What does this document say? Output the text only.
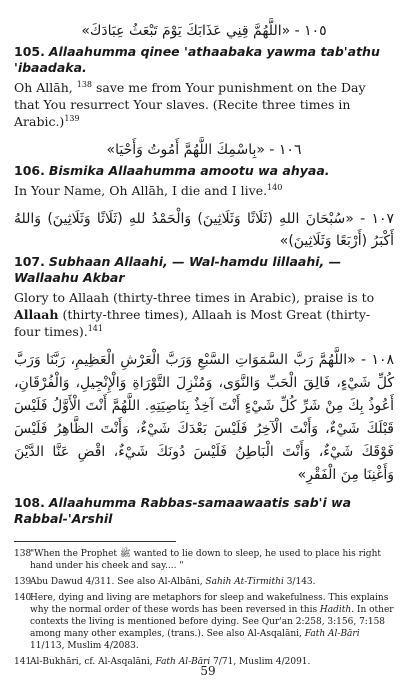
١٠٥ - «اللَّهُمَّ قِنِي عَذَابَكَ يَوْمَ تَبْعَثُ عِبَادَكَ»

105. Allaahumma qinee 'athaabaka yawma tab'athu 'ibaadaka.

Oh Allāh, $^{138}$ save me from Your punishment on the Day that You resurrect Your slaves. (Recite three times in Arabic.)$^{139}$

١٠٦ - «بِاسْمِكَ اللَّهُمَّ أَمُوتُ وَأَحْيَا»

106. Bismika Allaahumma amootu wa ahyaa.

In Your Name, Oh Allāh, I die and I live.$^{140}$

١٠٧ - «سُبْحَانَ اللهِ (ثَلَاثًا وَثَلَاثِينَ) وَالْحَمْدُ للهِ (ثَلَاثًا وَثَلَاثِينَ) وَاللهُ أَكْبَرُ (أَرْبَعًا وَثَلَاثِينَ)»

107. Subhaan Allaahi, — Wal-hamdu lillaahi, — Wallaahu Akbar

Glory to Allaah (thirty-three times in Arabic), praise is to Allaah (thirty-three times), Allaah is Most Great (thirty-four times).$^{141}$

١٠٨ - «اللَّهُمَّ رَبَّ السَّمَوَاتِ السَّبْعِ وَرَبَّ الْعَرْشِ الْعَظِيمِ، رَبَّنَا وَرَبَّ كُلِّ شَيْءٍ، فَالِقَ الْحَبِّ وَالنَّوَى، وَمُنْزِلَ التَّوْرَاةِ وَالْإِنْجِيلِ، وَالْفُرْقَانِ، أَعُوذُ بِكَ مِنْ شَرِّ كُلِّ شَيْءٍ أَنْتَ آخِذٌ بِنَاصِيَتِهِ. اللَّهُمَّ أَنْتَ الْأَوَّلُ فَلَيْسَ قَبْلَكَ شَيْءٌ، وَأَنْتَ الْآخِرُ فَلَيْسَ بَعْدَكَ شَيْءٌ، وَأَنْتَ الظَّاهِرُ فَلَيْسَ فَوْقَكَ شَيْءٌ، وَأَنْتَ الْبَاطِنُ فَلَيْسَ دُونَكَ شَيْءٌ، اقْضِ عَنَّا الدَّيْنَ وَأَغْنِنَا مِنَ الْفَقْرِ»

108. Allaahumma Rabbas-samaawaatis sab'i wa Rabbal-'Arshil

138"When the Prophet ﷺ wanted to lie down to sleep, he used to place his right hand under his cheek and say.... "

139Abu Dawud 4/311. See also Al-Albāni, Sahih At-Tirmithi 3/143.

140Here, dying and living are metaphors for sleep and wakefulness. This explains why the normal order of these words has been reversed in this Hadith. In other contexts the living is mentioned before dying. See Qur'an 2:258, 3:156, 7:158 among many other examples, (trans.). See also Al-Asqalāni, Fath Al-Bāri 11/113, Muslim 4/2083.

141Al-Bukhāri, cf. Al-Asqalāni, Fath Al-Bāri 7/71, Muslim 4/2091.

59
